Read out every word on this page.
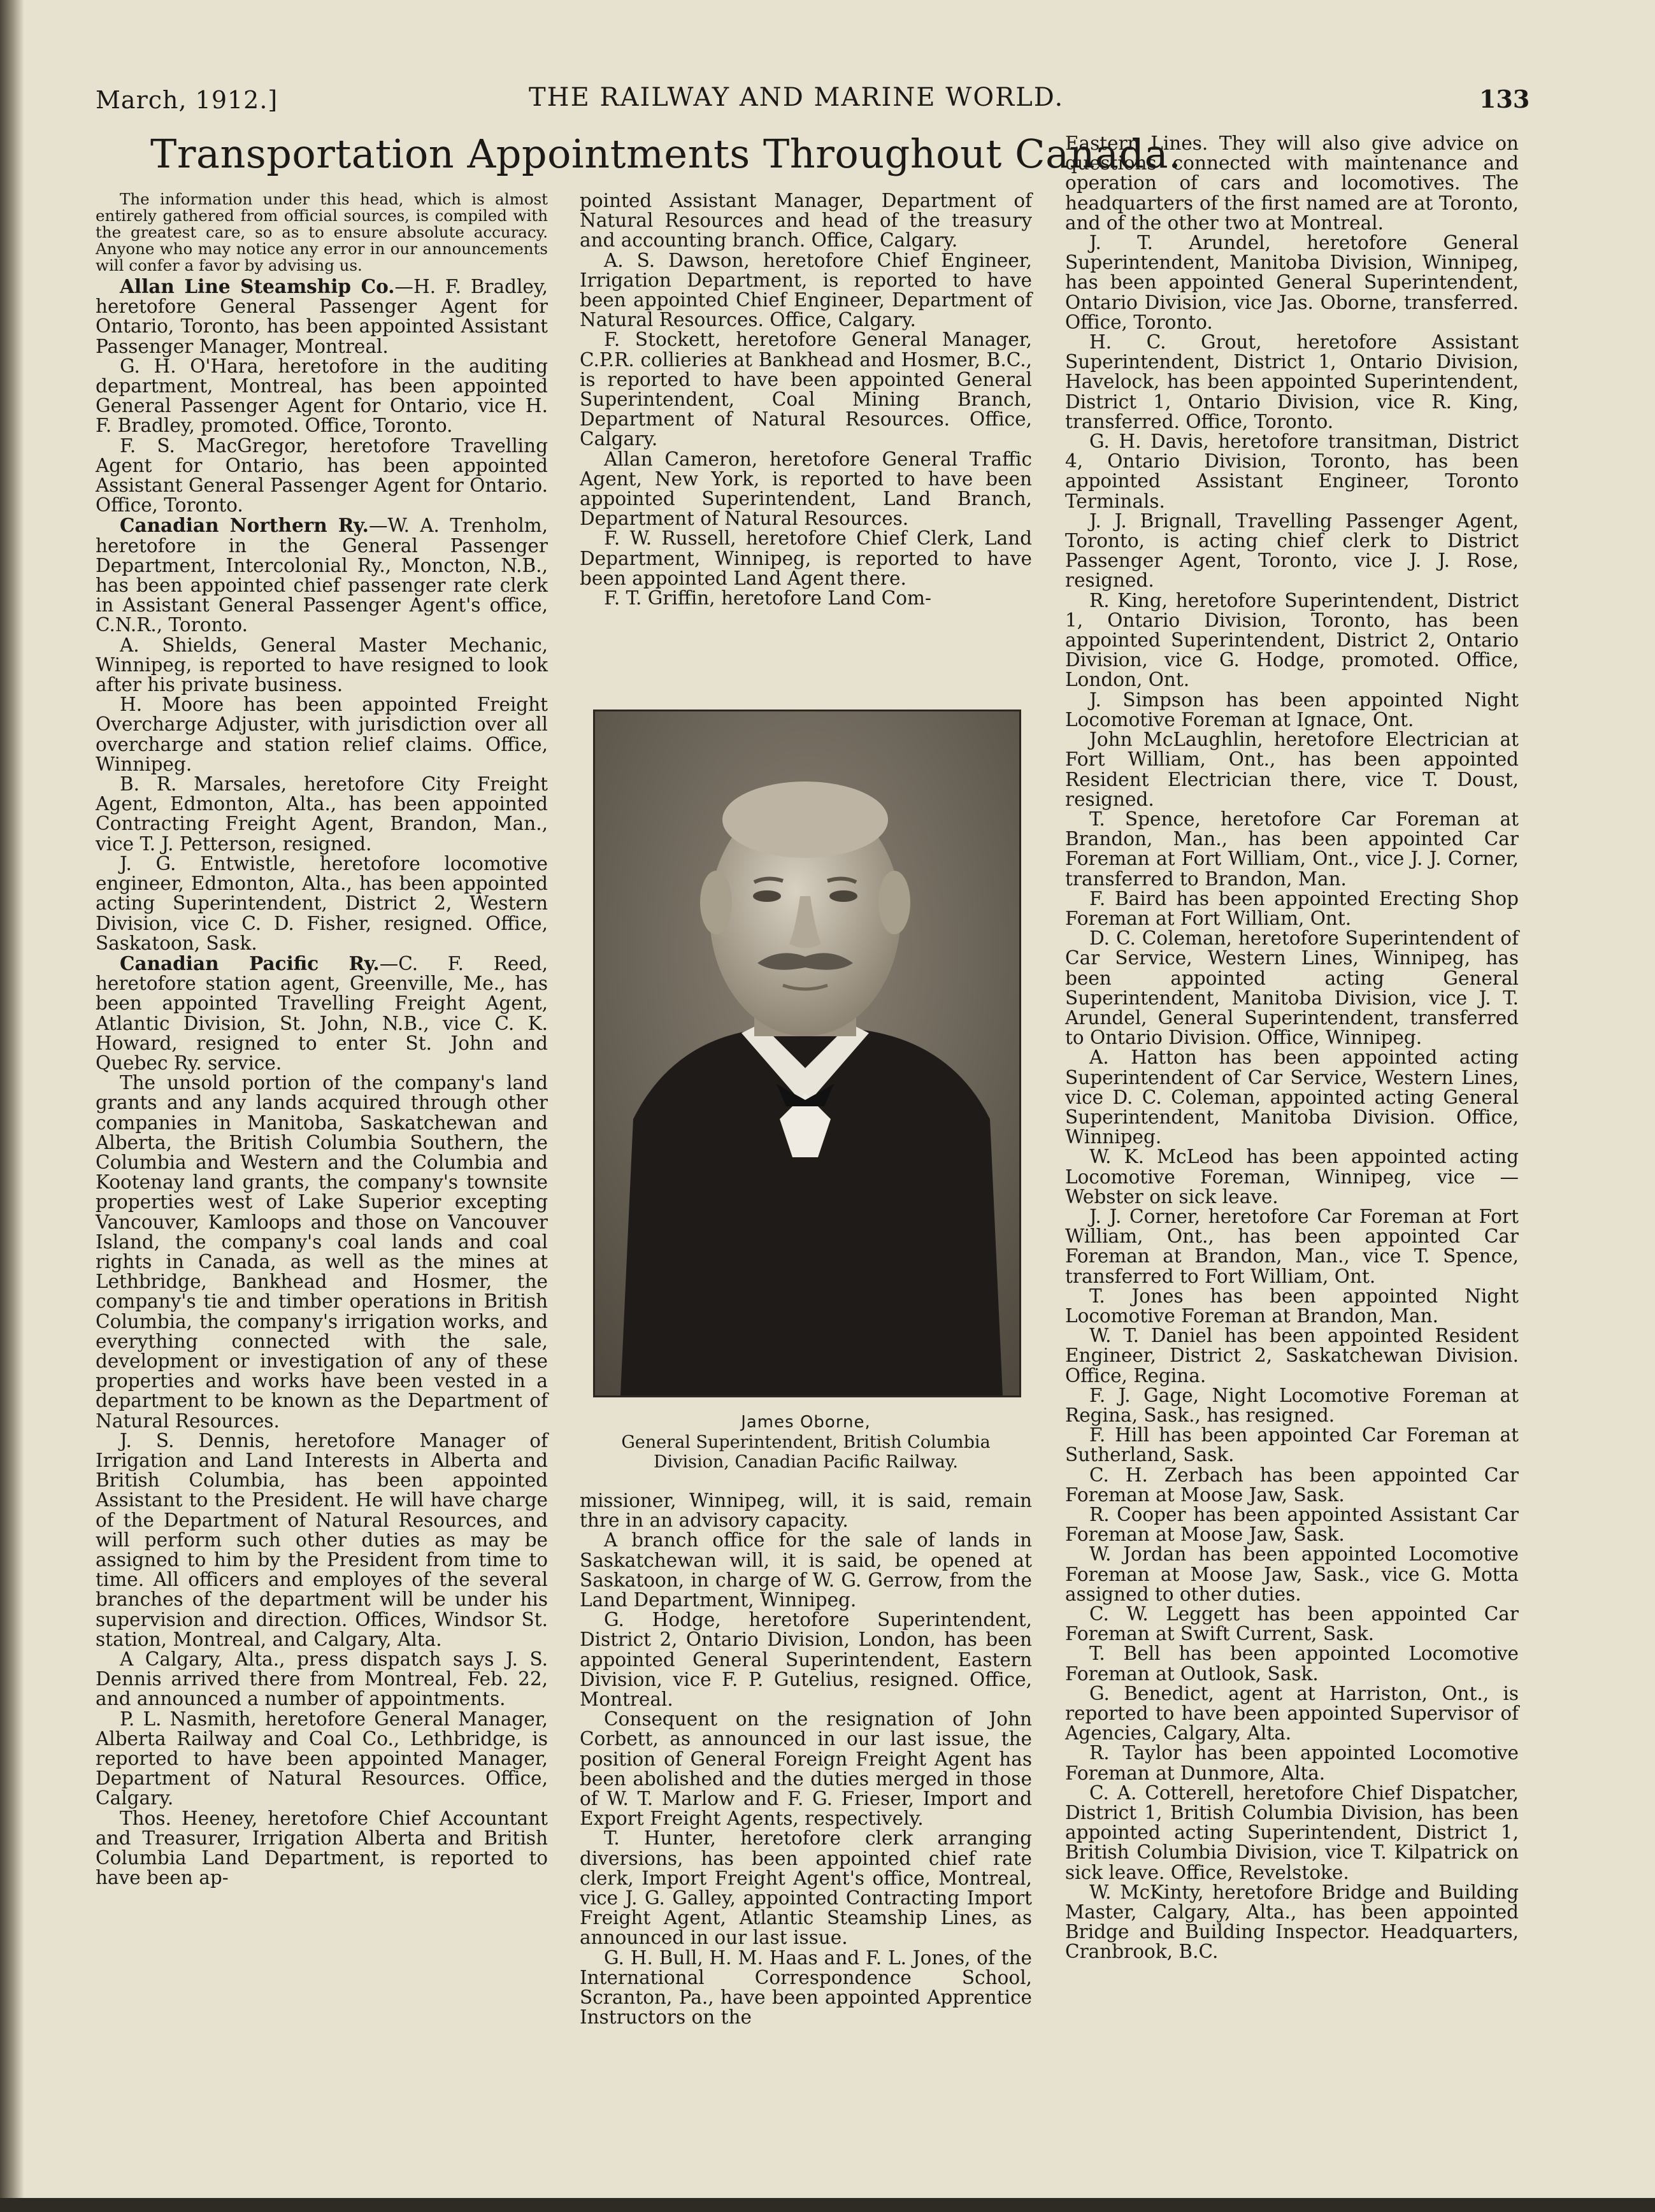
March, 1912.]	THE RAILWAY AND MARINE WORLD.	133
Transportation Appointments Throughout Canada.

The information under this head, which is almost entirely gathered from official sources, is compiled with the greatest care, so as to ensure absolute accuracy. Anyone who may notice any error in our announcements will confer a favor by advising us.

Allan Line Steamship Co.—H. F. Bradley, heretofore General Passenger Agent for Ontario, Toronto, has been appointed Assistant Passenger Manager, Montreal.

G. H. O'Hara, heretofore in the auditing department, Montreal, has been appointed General Passenger Agent for Ontario, vice H. F. Bradley, promoted. Office, Toronto.

F. S. MacGregor, heretofore Travelling Agent for Ontario, has been appointed Assistant General Passenger Agent for Ontario. Office, Toronto.

Canadian Northern Ry.—W. A. Trenholm, heretofore in the General Passenger Department, Intercolonial Ry., Moncton, N.B., has been appointed chief passenger rate clerk in Assistant General Passenger Agent's office, C.N.R., Toronto.

A. Shields, General Master Mechanic, Winnipeg, is reported to have resigned to look after his private business.

H. Moore has been appointed Freight Overcharge Adjuster, with jurisdiction over all overcharge and station relief claims. Office, Winnipeg.

B. R. Marsales, heretofore City Freight Agent, Edmonton, Alta., has been appointed Contracting Freight Agent, Brandon, Man., vice T. J. Petterson, resigned.

J. G. Entwistle, heretofore locomotive engineer, Edmonton, Alta., has been appointed acting Superintendent, District 2, Western Division, vice C. D. Fisher, resigned. Office, Saskatoon, Sask.

Canadian Pacific Ry.—C. F. Reed, heretofore station agent, Greenville, Me., has been appointed Travelling Freight Agent, Atlantic Division, St. John, N.B., vice C. K. Howard, resigned to enter St. John and Quebec Ry. service.

The unsold portion of the company's land grants and any lands acquired through other companies in Manitoba, Saskatchewan and Alberta, the British Columbia Southern, the Columbia and Western and the Columbia and Kootenay land grants, the company's townsite properties west of Lake Superior excepting Vancouver, Kamloops and those on Vancouver Island, the company's coal lands and coal rights in Canada, as well as the mines at Lethbridge, Bankhead and Hosmer, the company's tie and timber operations in British Columbia, the company's irrigation works, and everything connected with the sale, development or investigation of any of these properties and works have been vested in a department to be known as the Department of Natural Resources.

J. S. Dennis, heretofore Manager of Irrigation and Land Interests in Alberta and British Columbia, has been appointed Assistant to the President. He will have charge of the Department of Natural Resources, and will perform such other duties as may be assigned to him by the President from time to time. All officers and employes of the several branches of the department will be under his supervision and direction. Offices, Windsor St. station, Montreal, and Calgary, Alta.

A Calgary, Alta., press dispatch says J. S. Dennis arrived there from Montreal, Feb. 22, and announced a number of appointments.

P. L. Nasmith, heretofore General Manager, Alberta Railway and Coal Co., Lethbridge, is reported to have been appointed Manager, Department of Natural Resources. Office, Calgary.

Thos. Heeney, heretofore Chief Accountant and Treasurer, Irrigation Alberta and British Columbia Land Department, is reported to have been ap-

pointed Assistant Manager, Department of Natural Resources and head of the treasury and accounting branch. Office, Calgary.

A. S. Dawson, heretofore Chief Engineer, Irrigation Department, is reported to have been appointed Chief Engineer, Department of Natural Resources. Office, Calgary.

F. Stockett, heretofore General Manager, C.P.R. collieries at Bankhead and Hosmer, B.C., is reported to have been appointed General Superintendent, Coal Mining Branch, Department of Natural Resources. Office, Calgary.

Allan Cameron, heretofore General Traffic Agent, New York, is reported to have been appointed Superintendent, Land Branch, Department of Natural Resources.

F. W. Russell, heretofore Chief Clerk, Land Department, Winnipeg, is reported to have been appointed Land Agent there.

F. T. Griffin, heretofore Land Com-

James Oborne,
General Superintendent, British Columbia
Division, Canadian Pacific Railway.

missioner, Winnipeg, will, it is said, remain thre in an advisory capacity.

A branch office for the sale of lands in Saskatchewan will, it is said, be opened at Saskatoon, in charge of W. G. Gerrow, from the Land Department, Winnipeg.

G. Hodge, heretofore Superintendent, District 2, Ontario Division, London, has been appointed General Superintendent, Eastern Division, vice F. P. Gutelius, resigned. Office, Montreal.

Consequent on the resignation of John Corbett, as announced in our last issue, the position of General Foreign Freight Agent has been abolished and the duties merged in those of W. T. Marlow and F. G. Frieser, Import and Export Freight Agents, respectively.

T. Hunter, heretofore clerk arranging diversions, has been appointed chief rate clerk, Import Freight Agent's office, Montreal, vice J. G. Galley, appointed Contracting Import Freight Agent, Atlantic Steamship Lines, as announced in our last issue.

G. H. Bull, H. M. Haas and F. L. Jones, of the International Correspondence School, Scranton, Pa., have been appointed Apprentice Instructors on the

Eastern Lines. They will also give advice on questions connected with maintenance and operation of cars and locomotives. The headquarters of the first named are at Toronto, and of the other two at Montreal.

J. T. Arundel, heretofore General Superintendent, Manitoba Division, Winnipeg, has been appointed General Superintendent, Ontario Division, vice Jas. Oborne, transferred. Office, Toronto.

H. C. Grout, heretofore Assistant Superintendent, District 1, Ontario Division, Havelock, has been appointed Superintendent, District 1, Ontario Division, vice R. King, transferred. Office, Toronto.

G. H. Davis, heretofore transitman, District 4, Ontario Division, Toronto, has been appointed Assistant Engineer, Toronto Terminals.

J. J. Brignall, Travelling Passenger Agent, Toronto, is acting chief clerk to District Passenger Agent, Toronto, vice J. J. Rose, resigned.

R. King, heretofore Superintendent, District 1, Ontario Division, Toronto, has been appointed Superintendent, District 2, Ontario Division, vice G. Hodge, promoted. Office, London, Ont.

J. Simpson has been appointed Night Locomotive Foreman at Ignace, Ont.

John McLaughlin, heretofore Electrician at Fort William, Ont., has been appointed Resident Electrician there, vice T. Doust, resigned.

T. Spence, heretofore Car Foreman at Brandon, Man., has been appointed Car Foreman at Fort William, Ont., vice J. J. Corner, transferred to Brandon, Man.

F. Baird has been appointed Erecting Shop Foreman at Fort William, Ont.

D. C. Coleman, heretofore Superintendent of Car Service, Western Lines, Winnipeg, has been appointed acting General Superintendent, Manitoba Division, vice J. T. Arundel, General Superintendent, transferred to Ontario Division. Office, Winnipeg.

A. Hatton has been appointed acting Superintendent of Car Service, Western Lines, vice D. C. Coleman, appointed acting General Superintendent, Manitoba Division. Office, Winnipeg.

W. K. McLeod has been appointed acting Locomotive Foreman, Winnipeg, vice — Webster on sick leave.

J. J. Corner, heretofore Car Foreman at Fort William, Ont., has been appointed Car Foreman at Brandon, Man., vice T. Spence, transferred to Fort William, Ont.

T. Jones has been appointed Night Locomotive Foreman at Brandon, Man.

W. T. Daniel has been appointed Resident Engineer, District 2, Saskatchewan Division. Office, Regina.

F. J. Gage, Night Locomotive Foreman at Regina, Sask., has resigned.

F. Hill has been appointed Car Foreman at Sutherland, Sask.

C. H. Zerbach has been appointed Car Foreman at Moose Jaw, Sask.

R. Cooper has been appointed Assistant Car Foreman at Moose Jaw, Sask.

W. Jordan has been appointed Locomotive Foreman at Moose Jaw, Sask., vice G. Motta assigned to other duties.

C. W. Leggett has been appointed Car Foreman at Swift Current, Sask.

T. Bell has been appointed Locomotive Foreman at Outlook, Sask.

G. Benedict, agent at Harriston, Ont., is reported to have been appointed Supervisor of Agencies, Calgary, Alta.

R. Taylor has been appointed Locomotive Foreman at Dunmore, Alta.

C. A. Cotterell, heretofore Chief Dispatcher, District 1, British Columbia Division, has been appointed acting Superintendent, District 1, British Columbia Division, vice T. Kilpatrick on sick leave. Office, Revelstoke.

W. McKinty, heretofore Bridge and Building Master, Calgary, Alta., has been appointed Bridge and Building Inspector. Headquarters, Cranbrook, B.C.
